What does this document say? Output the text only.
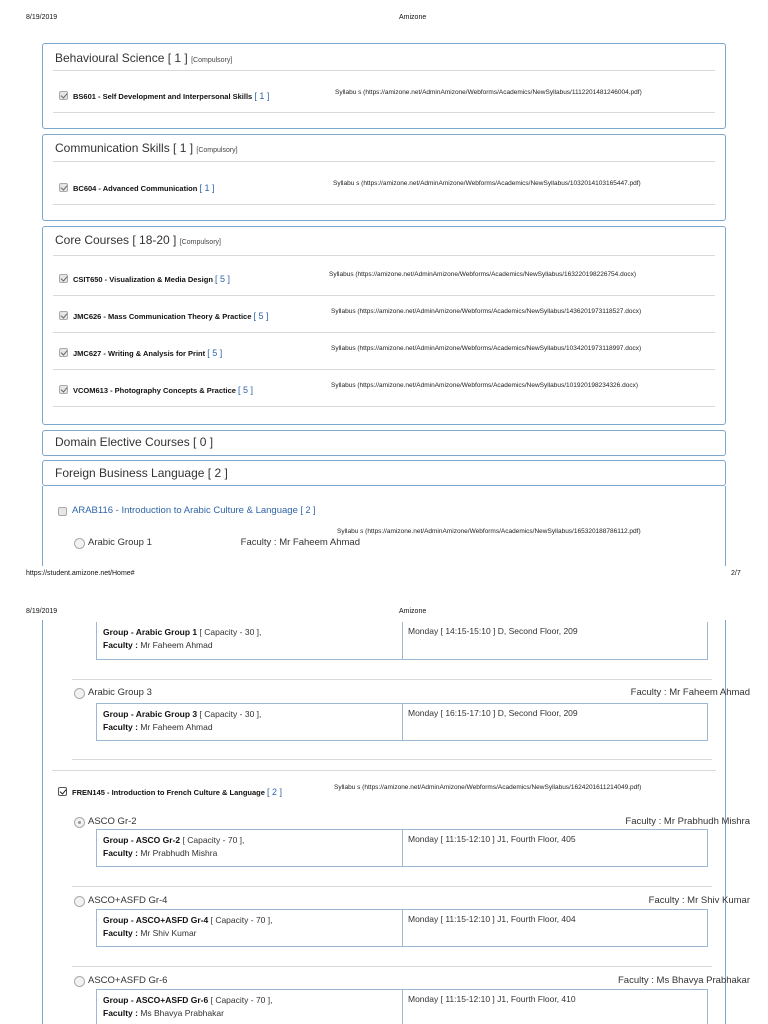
8/19/2019	Amizone
Behavioural Science [ 1 ] [Compulsory]
BS601 - Self Development and Interpersonal Skills [ 1 ]	Syllabu s (https://amizone.net/AdminAmizone/Webforms/Academics/NewSyllabus/1112201481246004.pdf)
Communication Skills [ 1 ] [Compulsory]
BC604 - Advanced Communication [ 1 ]	Syllabu s (https://amizone.net/AdminAmizone/Webforms/Academics/NewSyllabus/1032014103165447.pdf)
Core Courses [ 18-20 ] [Compulsory]
CSIT650 - Visualization & Media Design [ 5 ]	Syllabus (https://amizone.net/AdminAmizone/Webforms/Academics/NewSyllabus/163220198226754.docx)
JMC626 - Mass Communication Theory & Practice [ 5 ]	Syllabus (https://amizone.net/AdminAmizone/Webforms/Academics/NewSyllabus/1436201973118527.docx)
JMC627 - Writing & Analysis for Print [ 5 ]	Syllabus (https://amizone.net/AdminAmizone/Webforms/Academics/NewSyllabus/1034201973118997.docx)
VCOM613 - Photography Concepts & Practice [ 5 ]	Syllabus (https://amizone.net/AdminAmizone/Webforms/Academics/NewSyllabus/101920198234326.docx)
Domain Elective Courses [ 0 ]
Foreign Business Language [ 2 ]
ARAB116 - Introduction to Arabic Culture & Language [ 2 ]
Syllabu s (https://amizone.net/AdminAmizone/Webforms/Academics/NewSyllabus/165320188786112.pdf)
Arabic Group 1	Faculty : Mr Faheem Ahmad
https://student.amizone.net/Home#	2/7
8/19/2019	Amizone
Group - Arabic Group 1 [ Capacity - 30 ],
Faculty : Mr Faheem Ahmad
Monday [ 14:15-15:10 ] D, Second Floor, 209
Arabic Group 3	Faculty : Mr Faheem Ahmad
Group - Arabic Group 3 [ Capacity - 30 ],
Faculty : Mr Faheem Ahmad
Monday [ 16:15-17:10 ] D, Second Floor, 209
FREN145 - Introduction to French Culture & Language [ 2 ]	Syllabu s (https://amizone.net/AdminAmizone/Webforms/Academics/NewSyllabus/1624201611214049.pdf)
ASCO Gr-2	Faculty : Mr Prabhudh Mishra
Group - ASCO Gr-2 [ Capacity - 70 ],
Faculty : Mr Prabhudh Mishra
Monday [ 11:15-12:10 ] J1, Fourth Floor, 405
ASCO+ASFD Gr-4	Faculty : Mr Shiv Kumar
Group - ASCO+ASFD Gr-4 [ Capacity - 70 ],
Faculty : Mr Shiv Kumar
Monday [ 11:15-12:10 ] J1, Fourth Floor, 404
ASCO+ASFD Gr-6	Faculty : Ms Bhavya Prabhakar
Group - ASCO+ASFD Gr-6 [ Capacity - 70 ],
Faculty : Ms Bhavya Prabhakar
Monday [ 11:15-12:10 ] J1, Fourth Floor, 410
